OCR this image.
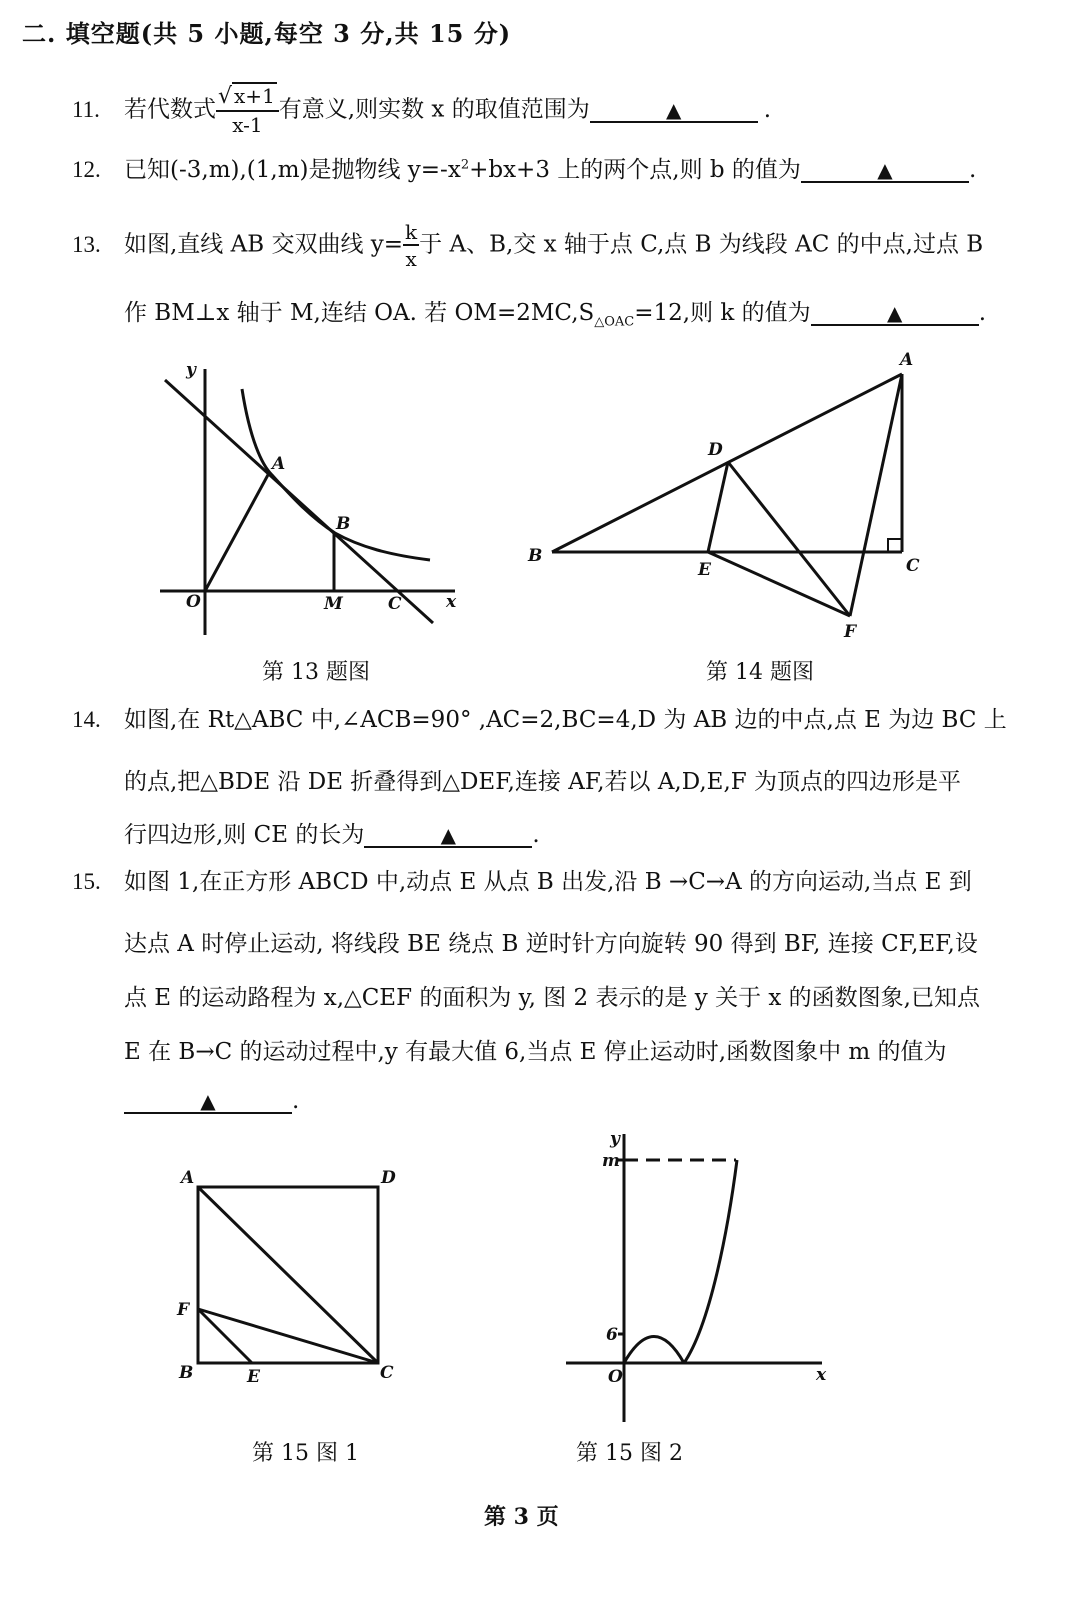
二. 填空题(共 5 小题,每空 3 分,共 15 分)
11. 若代数式 $\frac{√ x+1}{x-1}$ 有意义,则实数 x 的取值范围为	▲	.
12. 已知(-3,m),(1,m)是抛物线 $y=-x^2+bx+3$ 上的两个点,则 b 的值为	▲	.
13. 如图,直线 AB 交双曲线 $y= \frac{k}{x}$ 于 A、B,交 x 轴于点 C,点 B 为线段 AC 的中点,过点 B
作 BM⊥x 轴于 M,连结 OA. 若 $OM=2MC,S_{\triangle OAC}=12$,则 k 的值为	▲	.
y
x
O
A
B
M	C
第 13 题图
A
B	C
D
E
F
第 14 题图
14. 如图,在 Rt△ABC 中,∠ACB=90° ,AC=2,BC=4,D 为 AB 边的中点,点 E 为边 BC 上
的点,把△BDE 沿 DE 折叠得到△DEF,连接 AF,若以 A,D,E,F 为顶点的四边形是平
行四边形,则 CE 的长为	▲	.
15. 如图 1,在正方形 ABCD 中,动点 E 从点 B 出发,沿 B →C→A 的方向运动,当点 E 到
达点 A 时停止运动, 将线段 BE 绕点 B 逆时针方向旋转 90 得到 BF, 连接 CF,EF,设
点 E 的运动路程为 x,△CEF 的面积为 y, 图 2 表示的是 y 关于 x 的函数图象,已知点
E 在 B→C 的运动过程中,y 有最大值 6,当点 E 停止运动时,函数图象中 m 的值为
▲	.
A	D
F
B	E	C
第 15 图 1
y
x
O
m
6
第 15 图 2
第 3 页
